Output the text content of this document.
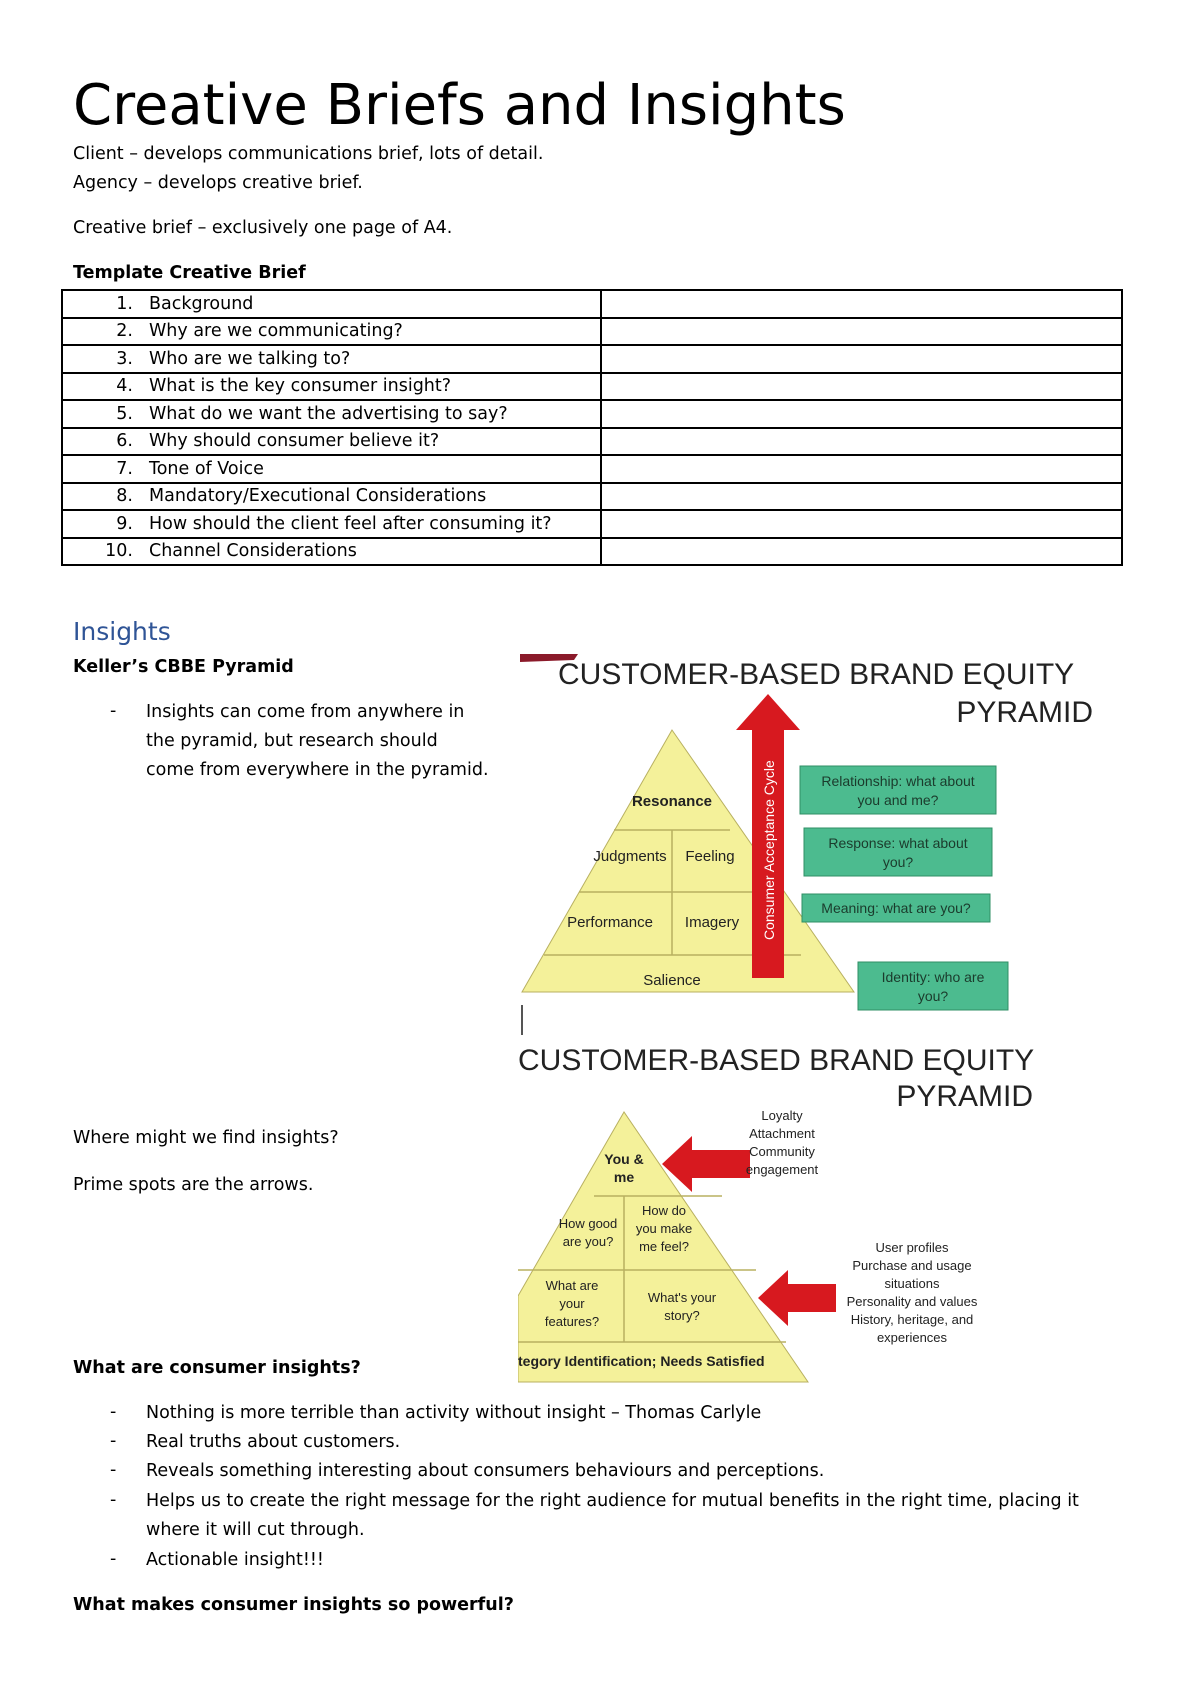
Creative Briefs and Insights
Client – develops communications brief, lots of detail.
Agency – develops creative brief.
Creative brief – exclusively one page of A4.
Template Creative Brief
1.	Background	
2.	Why are we communicating?	
3.	Who are we talking to?	
4.	What is the key consumer insight?	
5.	What do we want the advertising to say?	
6.	Why should consumer believe it?	
7.	Tone of Voice	
8.	Mandatory/Executional Considerations	
9.	How should the client feel after consuming it?	
10.	Channel Considerations	
Insights
Keller’s CBBE Pyramid
- Insights can come from anywhere in
the pyramid, but research should
come from everywhere in the pyramid.
Where might we find insights?
Prime spots are the arrows.
What are consumer insights?
- Nothing is more terrible than activity without insight – Thomas Carlyle
- Real truths about customers.
- Reveals something interesting about consumers behaviours and perceptions.
- Helps us to create the right message for the right audience for mutual benefits in the right time, placing it
where it will cut through.
- Actionable insight!!!
What makes consumer insights so powerful?
CUSTOMER-BASED BRAND EQUITY
PYRAMID
Resonance
Judgments Feeling
Performance Imagery
Salience
Consumer Acceptance Cycle	Relationship: what about
you and me?
Response: what about
you?
Meaning: what are you?
Identity: who are
you?
CUSTOMER-BASED BRAND EQUITY
PYRAMID
You &
me
How good
are you?
How do
you make
me feel?
What are
your
features?
What's your
story?
tegory Identification; Needs Satisfied
Loyalty
Attachment
Community
engagement
User profiles
Purchase and usage
situations
Personality and values
History, heritage, and
experiences
